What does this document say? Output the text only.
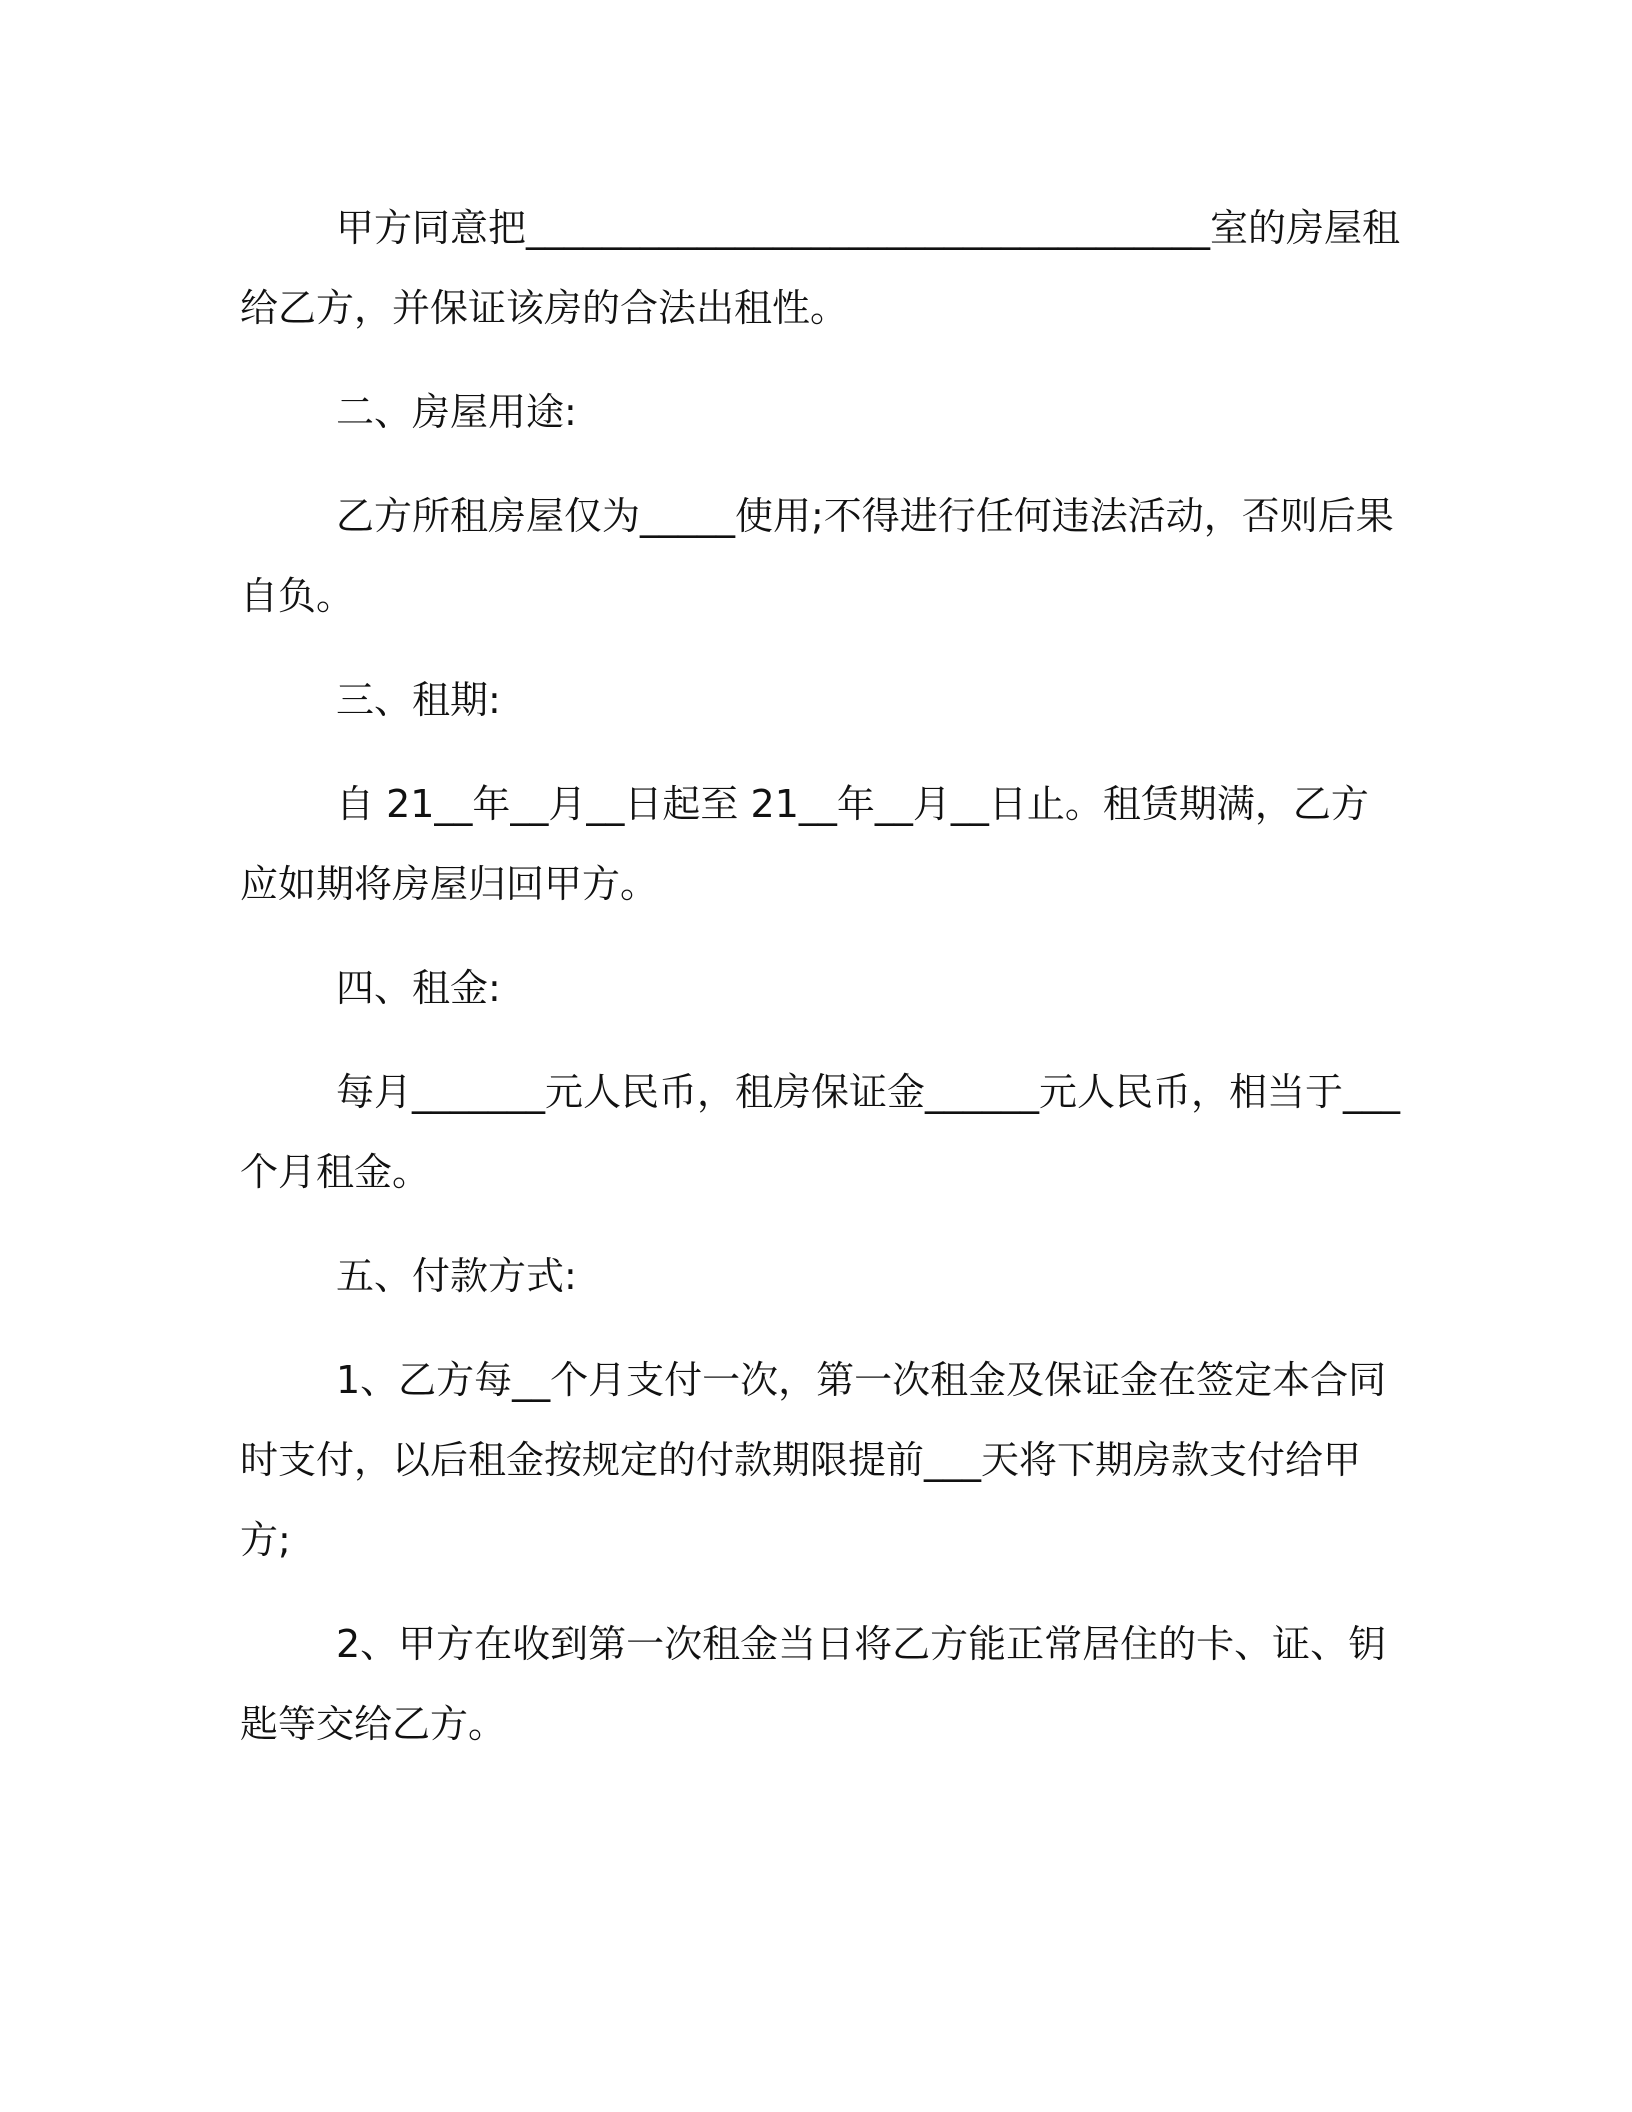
甲方同意把____________________________________室的房屋租给乙方，并保证该房的合法出租性。

二、房屋用途:

乙方所租房屋仅为_____使用;不得进行任何违法活动，否则后果自负。

三、租期:

自 21__年__月__日起至 21__年__月__日止。租赁期满，乙方应如期将房屋归回甲方。

四、租金:

每月_______元人民币，租房保证金______元人民币，相当于___个月租金。

五、付款方式:

1、乙方每__个月支付一次，第一次租金及保证金在签定本合同时支付，以后租金按规定的付款期限提前___天将下期房款支付给甲方;

2、甲方在收到第一次租金当日将乙方能正常居住的卡、证、钥匙等交给乙方。
